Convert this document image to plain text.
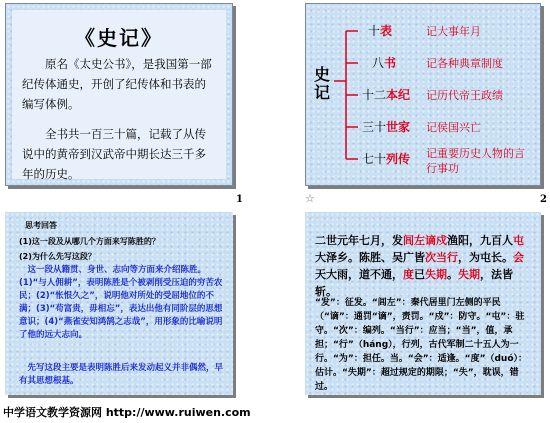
《史记》
　　原名《太史公书》，是我国第一部纪传体通史，开创了纪传体和书表的编写体例。
　　全书共一百三十篇，记载了从传说中的黄帝到汉武帝中期长达三千多年的历史。
1
史记
十表	记大事年月
八书	记各种典章制度
十二本纪 记历代帝王政绩
三十世家 记侯国兴亡
七十列传 记重要历史人物的言行事功
2
☆
思考回答
(1)这一段及从哪几个方面来写陈胜的？
(2)为什么先写这段？
　这一段从籍贯、身世、志向等方面来介绍陈胜。(1)“与人佣耕”，表明陈胜是个被剥削受压迫的穷苦农民；(2)“怅恨久之”，说明他对所处的受屈地位的不满；(3)“苟富贵，毋相忘”，表达出他有同阶层的思想意识；(4)“燕雀安知鸿鹄之志哉”，用形象的比喻说明了他的远大志向。
　先写这段主要是表明陈胜后来发动起义并非偶然，早有其思想根基。
二世元年七月，发闾左谪戍渔阳，九百人屯大泽乡。陈胜、吴广皆次当行，为屯长。会天大雨，道不通，度已失期。失期，法皆斩。
“发”：征发。“闾左”：秦代居里门左侧的平民（“谪”：通罚“谪”，责罚。“戍”：防守。“屯”：驻守。“次”：编列。“当行”：应当；“当”，值，承担；“行”（háng），行列，古代军制二十五人为一行。“为”：担任。当。“会”：适逢。“度”（duó）：估计。“失期”：超过规定的期限；“失”，耽误，错过。
中学语文教学资源网 http://www.ruiwen.com
